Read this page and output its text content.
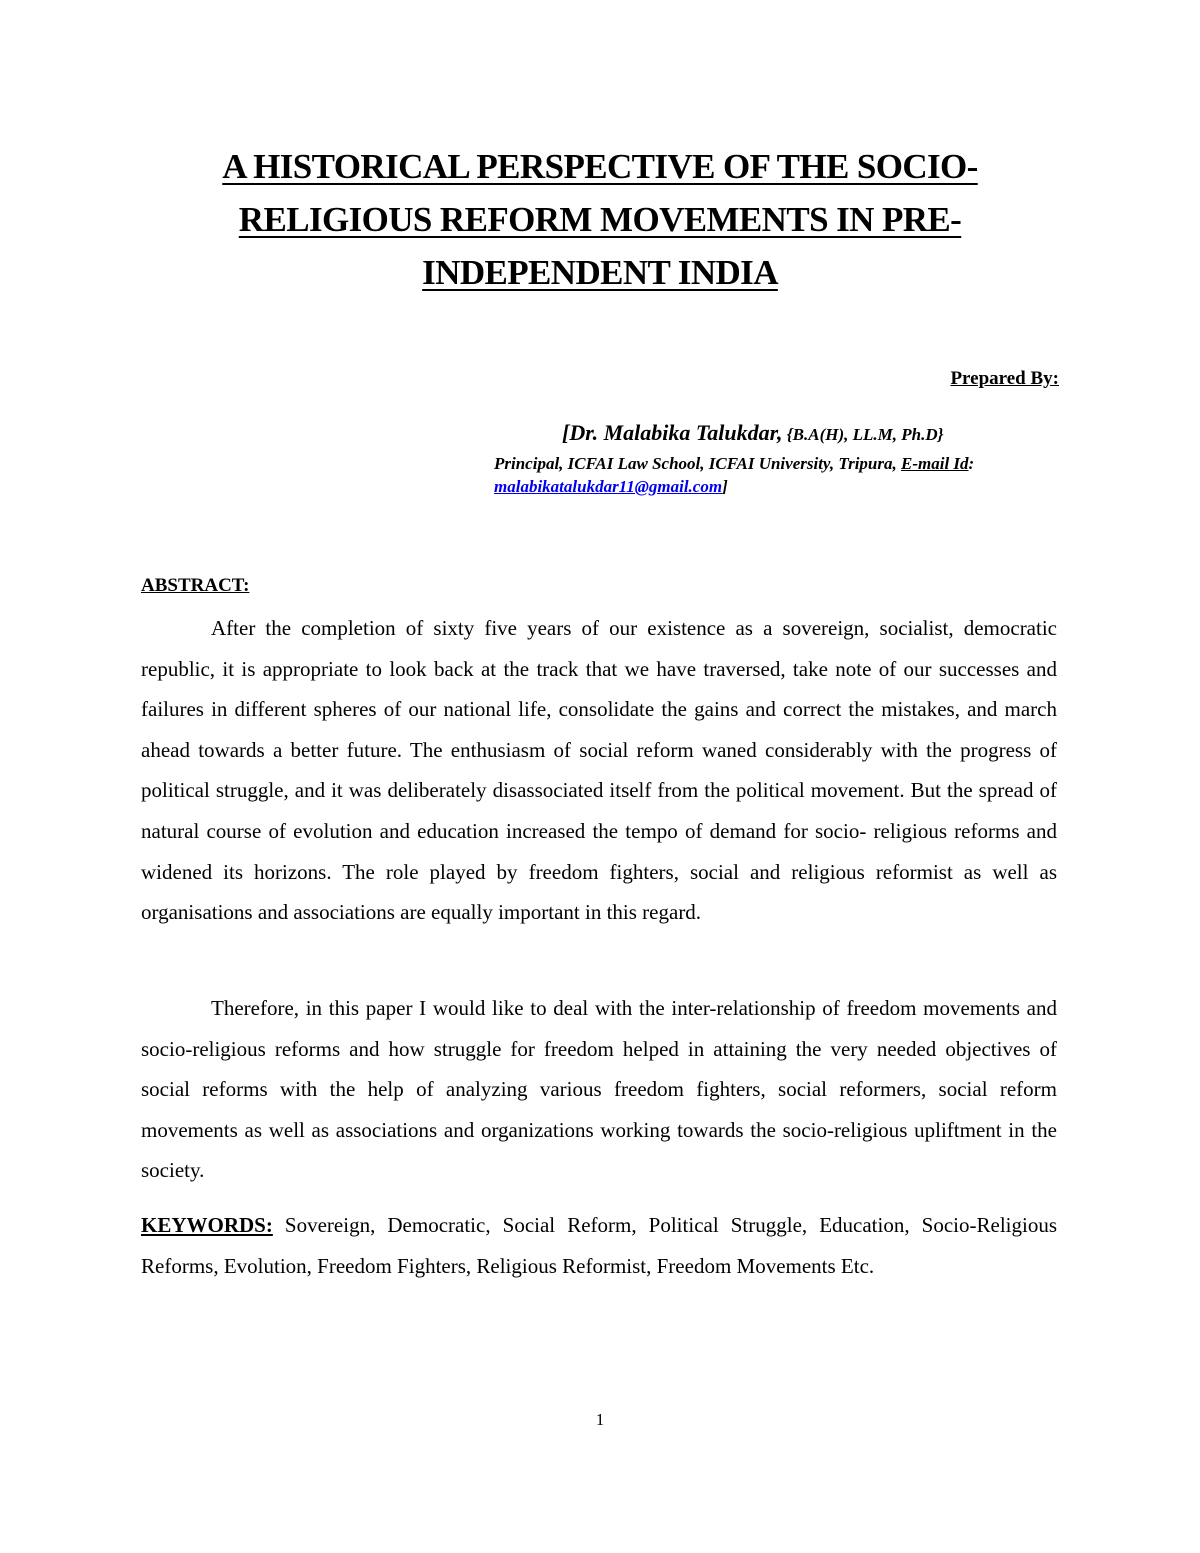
A HISTORICAL PERSPECTIVE OF THE SOCIO-
RELIGIOUS REFORM MOVEMENTS IN PRE-
INDEPENDENT INDIA
Prepared By:
[Dr. Malabika Talukdar, {B.A(H), LL.M, Ph.D}
Principal, ICFAI Law School, ICFAI University, Tripura, E-mail Id: malabikatalukdar11@gmail.com]
ABSTRACT:

After the completion of sixty five years of our existence as a sovereign, socialist, democratic republic, it is appropriate to look back at the track that we have traversed, take note of our successes and failures in different spheres of our national life, consolidate the gains and correct the mistakes, and march ahead towards a better future. The enthusiasm of social reform waned considerably with the progress of political struggle, and it was deliberately disassociated itself from the political movement. But the spread of natural course of evolution and education increased the tempo of demand for socio- religious reforms and widened its horizons. The role played by freedom fighters, social and religious reformist as well as organisations and associations are equally important in this regard.

Therefore, in this paper I would like to deal with the inter-relationship of freedom movements and socio-religious reforms and how struggle for freedom helped in attaining the very needed objectives of social reforms with the help of analyzing various freedom fighters, social reformers, social reform movements as well as associations and organizations working towards the socio-religious upliftment in the society.

KEYWORDS: Sovereign, Democratic, Social Reform, Political Struggle, Education, Socio-Religious Reforms, Evolution, Freedom Fighters, Religious Reformist, Freedom Movements Etc.
1
